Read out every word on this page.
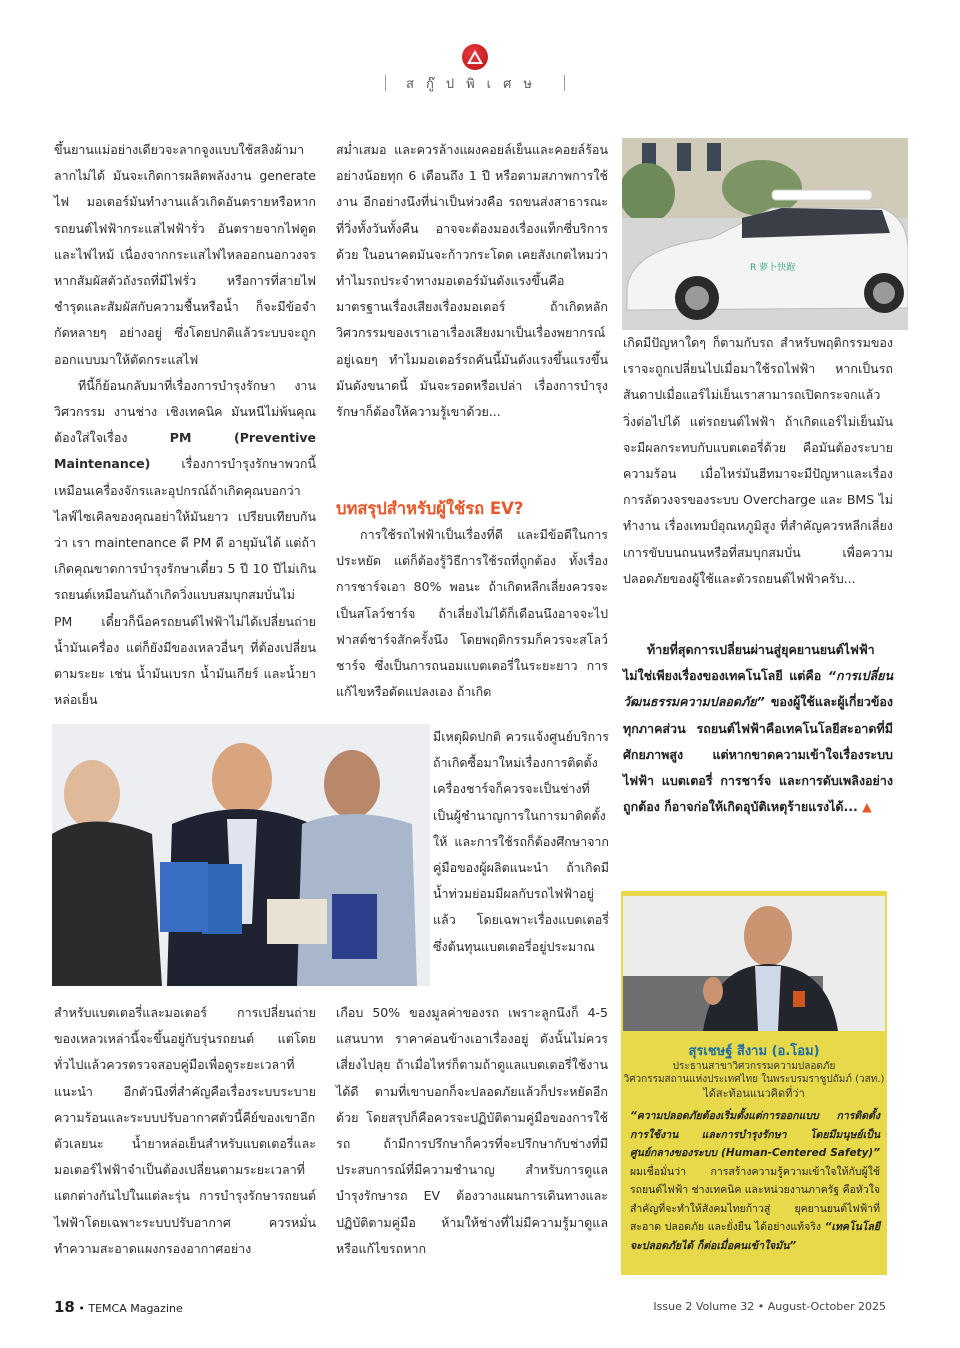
สกู๊ปพิเศษ

ขึ้นยานแม่อย่างเดียวจะลากจูงแบบใช้สลิงผ้ามาลากไม่ได้ มันจะเกิดการผลิตพลังงาน generate ไฟ มอเตอร์มันทำงานแล้วเกิดอันตรายหรือหากรถยนต์ไฟฟ้ากระแสไฟฟ้ารั่ว อันตรายจากไฟดูดและไฟไหม้ เนื่องจากกระแสไฟไหลออกนอกวงจร หากสัมผัสตัวถังรถที่มีไฟรั่ว หรือการที่สายไฟชำรุดและสัมผัสกับความชื้นหรือน้ำ ก็จะมีข้อจำกัดหลายๆ อย่างอยู่ ซึ่งโดยปกติแล้วระบบจะถูกออกแบบมาให้ตัดกระแสไฟ

ทีนี้ก็ย้อนกลับมาที่เรื่องการบำรุงรักษา งานวิศวกรรม งานช่าง เชิงเทคนิค มันหนีไม่พ้นคุณต้องใส่ใจเรื่อง PM (Preventive Maintenance) เรื่องการบำรุงรักษาพวกนี้ เหมือนเครื่องจักรและอุปกรณ์ถ้าเกิดคุณบอกว่าไลฟ์ไซเคิลของคุณอย่าให้มันยาว เปรียบเทียบกันว่า เรา maintenance ดี PM ดี อายุมันได้ แต่ถ้าเกิดคุณขาดการบำรุงรักษาเดี๋ยว 5 ปี 10 ปีไม่เกิน รถยนต์เหมือนกันถ้าเกิดวิ่งแบบสมบุกสมบั่นไม่ PM เดี๋ยวก็น็อครถยนต์ไฟฟ้าไม่ได้เปลี่ยนถ่ายน้ำมันเครื่อง แต่ก็ยังมีของเหลวอื่นๆ ที่ต้องเปลี่ยนตามระยะ เช่น น้ำมันเบรก น้ำมันเกียร์ และน้ำยาหล่อเย็น

สำหรับแบตเตอรี่และมอเตอร์ การเปลี่ยนถ่ายของเหลวเหล่านี้จะขึ้นอยู่กับรุ่นรถยนต์ แต่โดยทั่วไปแล้วควรตรวจสอบคู่มือเพื่อดูระยะเวลาที่แนะนำ อีกตัวนึงที่สำคัญคือเรื่องระบบระบายความร้อนและระบบปรับอากาศตัวนี้คีย์ของเขาอีกตัวเลยนะ น้ำยาหล่อเย็นสำหรับแบตเตอรี่และมอเตอร์ไฟฟ้าจำเป็นต้องเปลี่ยนตามระยะเวลาที่แตกต่างกันไปในแต่ละรุ่น การบำรุงรักษารถยนต์ไฟฟ้าโดยเฉพาะระบบปรับอากาศ ควรหมั่นทำความสะอาดแผงกรองอากาศอย่าง

สม่ำเสมอ และควรล้างแผงคอยล์เย็นและคอยล์ร้อนอย่างน้อยทุก 6 เดือนถึง 1 ปี หรือตามสภาพการใช้งาน อีกอย่างนึงที่น่าเป็นห่วงคือ รถขนส่งสาธารณะที่วิ่งทั้งวันทั้งคืน อาจจะต้องมองเรื่องแท็กซี่บริการด้วย ในอนาคตมันจะก้าวกระโดด เคยสังเกตไหมว่าทำไมรถประจำทางมอเตอร์มันดังแรงขึ้นคือมาตรฐานเรื่องเสียงเรื่องมอเตอร์ ถ้าเกิดหลักวิศวกรรมของเราเอาเรื่องเสียงมาเป็นเรื่องพยากรณ์ อยู่เฉยๆ ทำไมมอเตอร์รถคันนี้มันดังแรงขึ้นแรงขึ้น มันดังขนาดนี้ มันจะรอดหรือเปล่า เรื่องการบำรุงรักษาก็ต้องให้ความรู้เขาด้วย...

บทสรุปสำหรับผู้ใช้รถ EV?

การใช้รถไฟฟ้าเป็นเรื่องที่ดี และมีข้อดีในการประหยัด แต่ก็ต้องรู้วิธีการใช้รถที่ถูกต้อง ทั้งเรื่องการชาร์จเอา 80% พอนะ ถ้าเกิดหลีกเลี่ยงควรจะเป็นสโลว์ชาร์จ ถ้าเลี่ยงไม่ได้ก็เดือนนึงอาจจะไปฟาสต์ชาร์จสักครั้งนึง โดยพฤติกรรมก็ควรจะสโลว์ชาร์จ ซึ่งเป็นการถนอมแบตเตอรี่ในระยะยาว การแก้ไขหรือดัดแปลงเอง ถ้าเกิด

มีเหตุผิดปกติ ควรแจ้งศูนย์บริการ ถ้าเกิดซื้อมาใหม่เรื่องการติดตั้งเครื่องชาร์จก็ควรจะเป็นช่างที่เป็นผู้ชำนาญการในการมาติดตั้งให้ และการใช้รถก็ต้องศึกษาจากคู่มือของผู้ผลิตแนะนำ ถ้าเกิดมีน้ำท่วมย่อมมีผลกับรถไฟฟ้าอยู่แล้ว โดยเฉพาะเรื่องแบตเตอรี่ ซึ่งต้นทุนแบตเตอรี่อยู่ประมาณ

เกือบ 50% ของมูลค่าของรถ เพราะลูกนึงก็ 4-5 แสนบาท ราคาค่อนข้างเอาเรื่องอยู่ ดังนั้นไม่ควรเสี่ยงไปลุย ถ้าเมื่อไหร่ก็ตามถ้าดูแลแบตเตอรี่ใช้งานได้ดี ตามที่เขาบอกก็จะปลอดภัยแล้วก็ประหยัดอีกด้วย โดยสรุปก็คือควรจะปฏิบัติตามคู่มือของการใช้รถ ถ้ามีการปรึกษาก็ควรที่จะปรึกษากับช่างที่มีประสบการณ์ที่มีความชำนาญ สำหรับการดูแลบำรุงรักษารถ EV ต้องวางแผนการเดินทางและปฏิบัติตามคู่มือ ห้ามให้ช่างที่ไม่มีความรู้มาดูแล หรือแก้ไขรถหาก

R 萝卜快跑

เกิดมีปัญหาใดๆ ก็ตามกับรถ สำหรับพฤติกรรมของเราจะถูกเปลี่ยนไปเมื่อมาใช้รถไฟฟ้า หากเป็นรถสันดาปเมื่อแอร์ไม่เย็นเราสามารถเปิดกระจกแล้ววิ่งต่อไปได้ แต่รถยนต์ไฟฟ้า ถ้าเกิดแอร์ไม่เย็นมันจะมีผลกระทบกับแบตเตอรี่ด้วย คือมันต้องระบายความร้อน เมื่อไหร่มันฮีทมาจะมีปัญหาและเรื่องการลัดวงจรของระบบ Overcharge และ BMS ไม่ทำงาน เรื่องเทมป์อุณหภูมิสูง ที่สำคัญควรหลีกเลี่ยงเการขับบนถนนหรือที่สมบุกสมบั่น เพื่อความปลอดภัยของผู้ใช้และตัวรถยนต์ไฟฟ้าครับ...

ท้ายที่สุดการเปลี่ยนผ่านสู่ยุคยานยนต์ไฟฟ้า ไม่ใช่เพียงเรื่องของเทคโนโลยี แต่คือ “การเปลี่ยนวัฒนธรรมความปลอดภัย” ของผู้ใช้และผู้เกี่ยวข้องทุกภาคส่วน รถยนต์ไฟฟ้าคือเทคโนโลยีสะอาดที่มีศักยภาพสูง แต่หากขาดความเข้าใจเรื่องระบบไฟฟ้า แบตเตอรี่ การชาร์จ และการดับเพลิงอย่างถูกต้อง ก็อาจก่อให้เกิดอุบัติเหตุร้ายแรงได้... ▲

สุรเชษฐ์ สีงาม (อ.โอม)
ประธานสาขาวิศวกรรมความปลอดภัย
วิศวกรรมสถานแห่งประเทศไทย ในพระบรมราชูปถัมภ์ (วสท.)
ได้สะท้อนแนวคิดที่ว่า
“ความปลอดภัยต้องเริ่มตั้งแต่การออกแบบ การติดตั้ง การใช้งาน และการบำรุงรักษา โดยมีมนุษย์เป็นศูนย์กลางของระบบ (Human-Centered Safety)” ผมเชื่อมั่นว่า การสร้างความรู้ความเข้าใจให้กับผู้ใช้รถยนต์ไฟฟ้า ช่างเทคนิค และหน่วยงานภาครัฐ คือหัวใจสำคัญที่จะทำให้สังคมไทยก้าวสู่ ยุคยานยนต์ไฟฟ้าที่สะอาด ปลอดภัย และยั่งยืน ได้อย่างแท้จริง “เทคโนโลยีจะปลอดภัยได้ ก็ต่อเมื่อคนเข้าใจมัน”
18 • TEMCA Magazine	Issue 2 Volume 32 • August-October 2025
